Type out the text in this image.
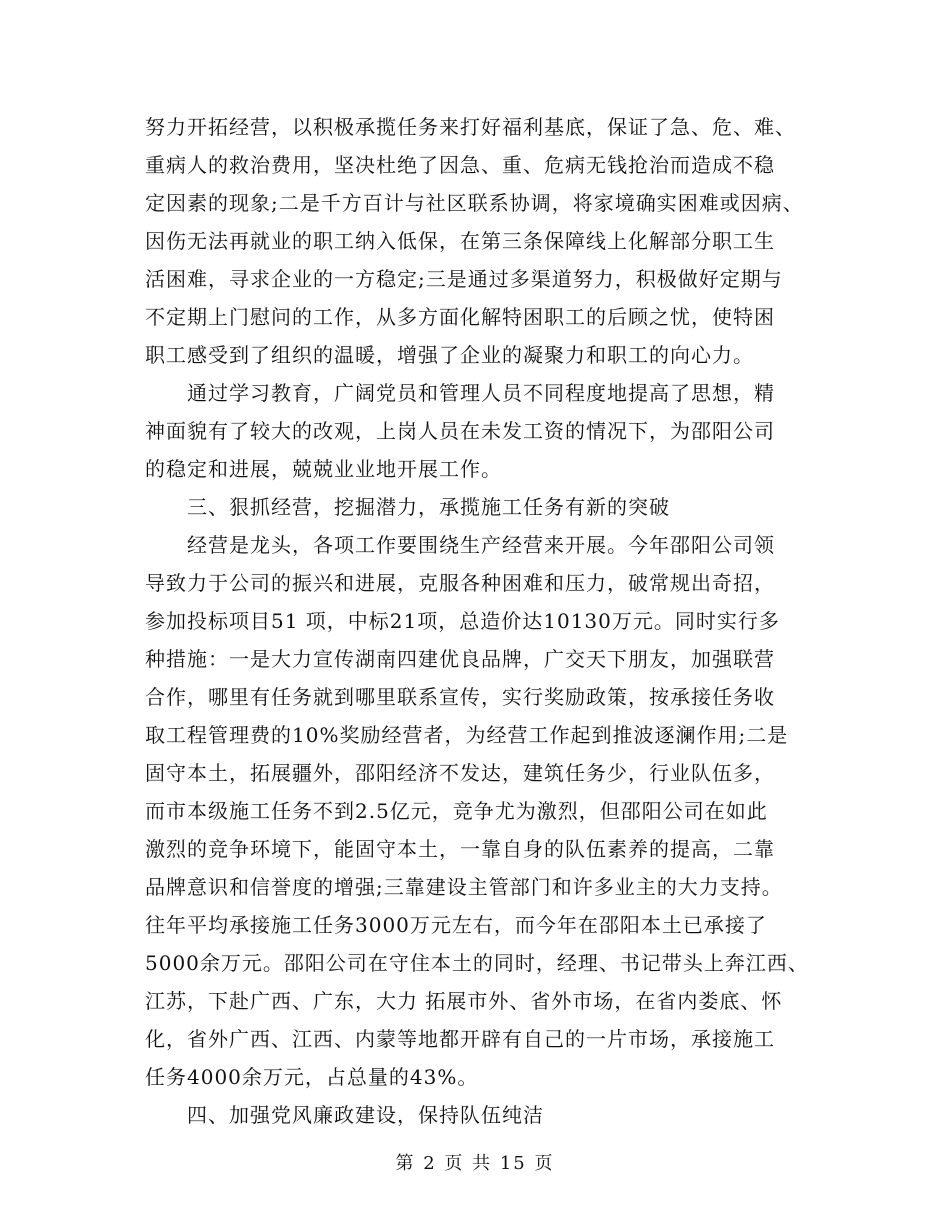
努力开拓经营，以积极承揽任务来打好福利基底，保证了急、危、难、
重病人的救治费用，坚决杜绝了因急、重、危病无钱抢治而造成不稳
定因素的现象;二是千方百计与社区联系协调，将家境确实困难或因病、
因伤无法再就业的职工纳入低保，在第三条保障线上化解部分职工生
活困难，寻求企业的一方稳定;三是通过多渠道努力，积极做好定期与
不定期上门慰问的工作，从多方面化解特困职工的后顾之忧，使特困
职工感受到了组织的温暖，增强了企业的凝聚力和职工的向心力。
通过学习教育，广阔党员和管理人员不同程度地提高了思想，精
神面貌有了较大的改观，上岗人员在未发工资的情况下，为邵阳公司
的稳定和进展，兢兢业业地开展工作。
三、狠抓经营，挖掘潜力，承揽施工任务有新的突破
经营是龙头，各项工作要围绕生产经营来开展。今年邵阳公司领
导致力于公司的振兴和进展，克服各种困难和压力，破常规出奇招，
参加投标项目51 项，中标21项，总造价达10130万元。同时实行多
种措施：一是大力宣传湖南四建优良品牌，广交天下朋友，加强联营
合作，哪里有任务就到哪里联系宣传，实行奖励政策，按承接任务收
取工程管理费的10%奖励经营者，为经营工作起到推波逐澜作用;二是
固守本土，拓展疆外，邵阳经济不发达，建筑任务少，行业队伍多，
而市本级施工任务不到2.5亿元，竞争尤为激烈，但邵阳公司在如此
激烈的竞争环境下，能固守本土，一靠自身的队伍素养的提高，二靠
品牌意识和信誉度的增强;三靠建设主管部门和许多业主的大力支持。
往年平均承接施工任务3000万元左右，而今年在邵阳本土已承接了
5000余万元。邵阳公司在守住本土的同时，经理、书记带头上奔江西、
江苏，下赴广西、广东，大力 拓展市外、省外市场，在省内娄底、怀
化，省外广西、江西、内蒙等地都开辟有自己的一片市场，承接施工
任务4000余万元，占总量的43%。
四、加强党风廉政建设，保持队伍纯洁
第 2 页 共 15 页
